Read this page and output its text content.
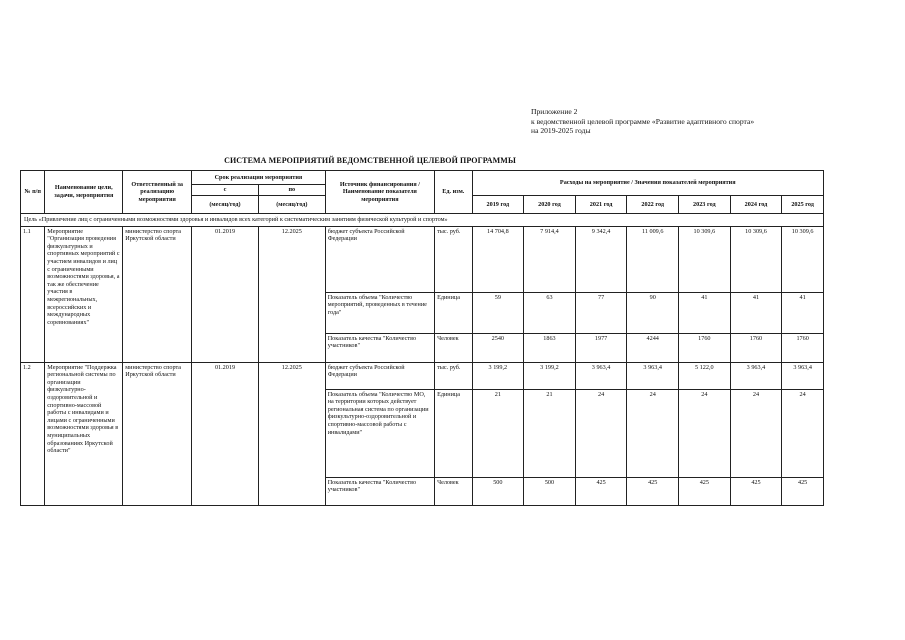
Приложение 2
к ведомственной целевой программе «Развитие адаптивного спорта»
на 2019-2025 годы
СИСТЕМА МЕРОПРИЯТИЙ ВЕДОМСТВЕННОЙ ЦЕЛЕВОЙ ПРОГРАММЫ
№ п/п	Наименование цели, задачи, мероприятия	Ответственный за реализацию мероприятия	Срок реализации мероприятия		Источник финансирования / Наименование показателя мероприятия	Ед. изм.	Расходы на мероприятие / Значения показателей мероприятия						
			с	по									
			(месяц/год)	(месяц/год)			2019 год	2020 год	2021 год	2022 год	2023 год	2024 год	2025 год
Цель «Привлечение лиц с ограниченными возможностями здоровья и инвалидов всех категорий к систематическим занятиям физической культурой и спортом»													
1.1	Мероприятие "Организация проведения физкультурных и спортивных мероприятий с участием инвалидов и лиц с ограниченными возможностями здоровья, а так же обеспечение участия в межрегиональных, всероссийских и международных соревнованиях"	министерство спорта Иркутской области	01.2019	12.2025	бюджет субъекта Российской Федерации	тыс. руб.	14 704,8	7 914,4	9 342,4	11 009,6	10 309,6	10 309,6	10 309,6
					Показатель объема "Количество мероприятий, проведенных в течение года"	Единица	59	63	77	90	41	41	41
					Показатель качества "Количество участников"	Человек	2540	1863	1977	4244	1760	1760	1760
1.2	Мероприятие "Поддержка региональной системы по организации физкультурно-оздоровительной и спортивно-массовой работы с инвалидами и лицами с ограниченными возможностями здоровья в муниципальных образованиях Иркутской области"	министерство спорта Иркутской области	01.2019	12.2025	бюджет субъекта Российской Федерации	тыс. руб.	3 199,2	3 199,2	3 963,4	3 963,4	5 122,0	3 963,4	3 963,4
					Показатель объема "Количество МО, на территории которых действует региональная система по организации физкультурно-оздоровительной и спортивно-массовой работы с инвалидами"	Единица	21	21	24	24	24	24	24
					Показатель качества "Количество участников"	Человек	500	500	425	425	425	425	425
